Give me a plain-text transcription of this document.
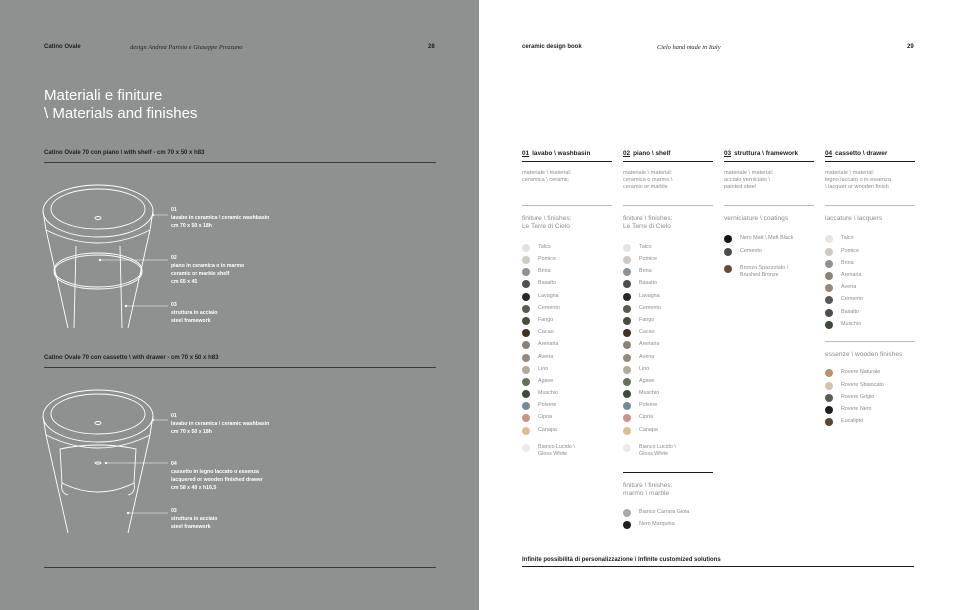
Catino Ovale	design Andrea Parisio e Giuseppe Prezzano	28
Materiali e finiture
\ Materials and finishes
Catino Ovale 70 con piano \ with shelf - cm 70 x 50 x h83
01
lavabo in ceramica \ ceramic washbasin
cm 70 x 50 x 18h
02
piano in ceramica o in marmo
ceramic or marble shelf
cm 65 x 45
03
struttura in acciaio
steel framework
Catino Ovale 70 con cassetto \ with drawer - cm 70 x 50 x h83
01
lavabo in ceramica \ ceramic washbasin
cm 70 x 50 x 18h
04
cassetto in legno laccato o essenza
lacquered or wooden finished drawer
cm 58 x 40 x h16,5
03
struttura in acciaio
steel framework
ceramic design book	Cielo hand made in Italy	29
01 lavabo \ washbasin
materiale \ material:
ceramica \ ceramic
finiture \ finishes:
Le Terre di Cielo
Talco
Pomice
Brina
Basalto
Lavagna
Cemento
Fango
Cacao
Arenaria
Avena
Lino
Agave
Muschio
Polvere
Cipria
Canapa
Bianco Lucido \
Gloss White
02 piano \ shelf
materiale \ material:
ceramica o marmo \
ceramic or marble
finiture \ finishes:
Le Terre di Cielo
Talco
Pomice
Brina
Basalto
Lavagna
Cemento
Fango
Cacao
Arenaria
Avena
Lino
Agave
Muschio
Polvere
Cipria
Canapa
Bianco Lucido \
Gloss White
finiture \ finishes:
marmo \ marble
Bianco Carrara Gioia
Nero Marquina
03 struttura \ framework
materiale \ material:
acciaio verniciato \
painted steel
verniciature \ coatings
Nero Matt \ Matt Black
Cemento
Bronzo Spazzolato \
Brushed Bronze
04 cassetto \ drawer
materiale \ material:
legno laccato o in essenza
\ lacquer or wooden finish
laccature \ lacquers
Talco
Pomice
Brina
Arenaria
Avena
Cemento
Basalto
Muschio
essenze \ wooden finishes
Rovere Naturale
Rovere Sbiancato
Rovere Grigio
Rovere Nero
Eucalipto
Infinite possibilità di personalizzazione \ Infinite customized solutions
